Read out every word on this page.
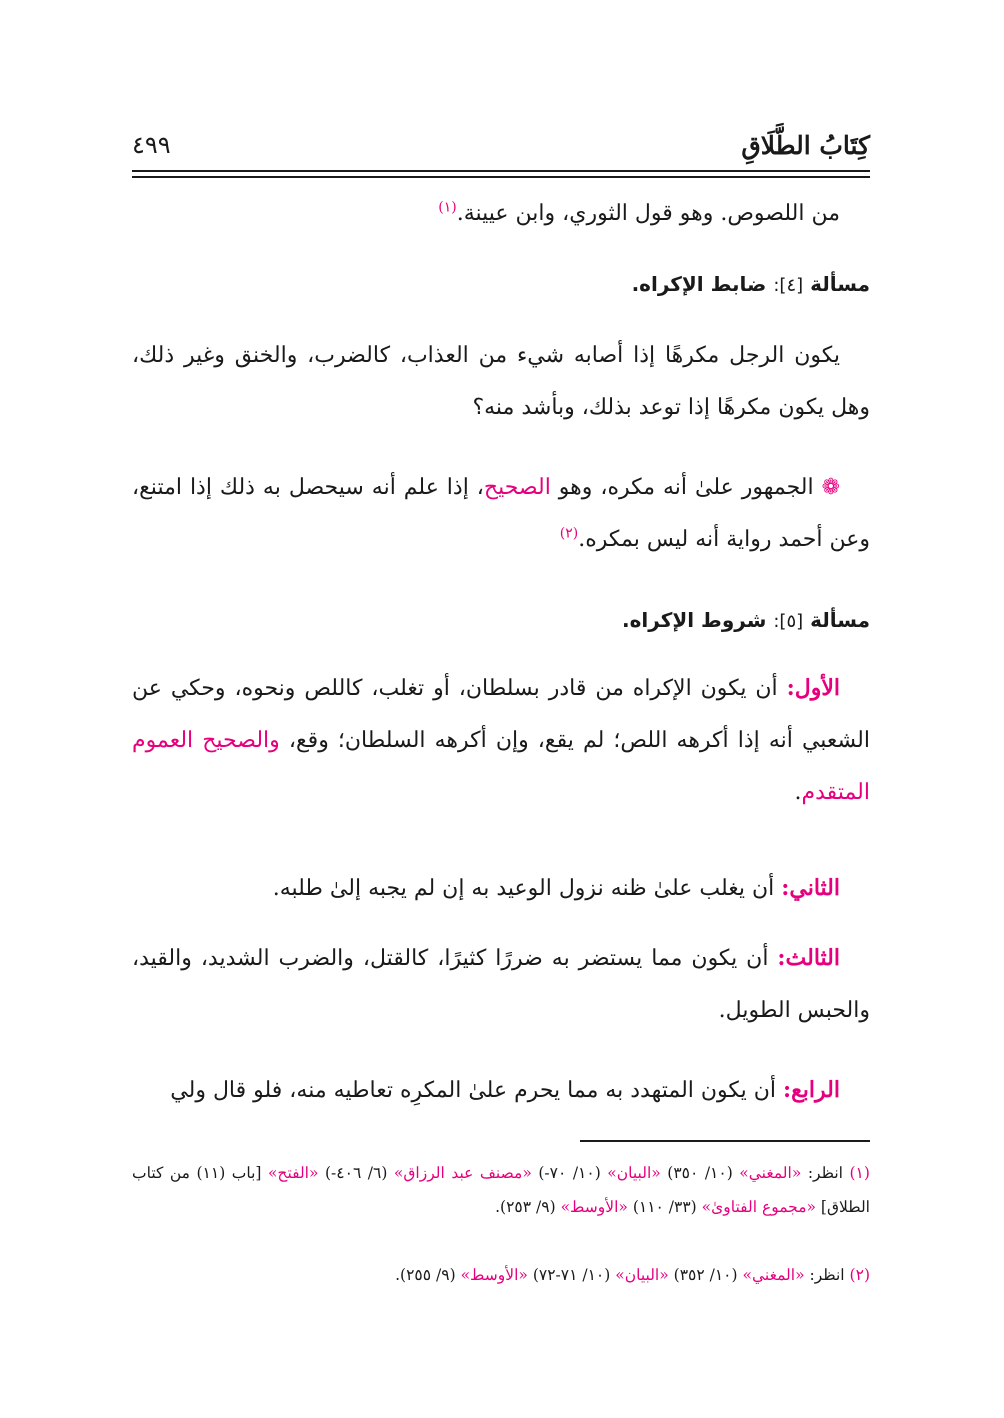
كِتَابُ الطَّلَاقِ
٤٩٩

من اللصوص. وهو قول الثوري، وابن عيينة.$^{(١)}$

مسألة [٤]: ضابط الإكراه.

يكون الرجل مكرهًا إذا أصابه شيء من العذاب، كالضرب، والخنق وغير ذلك، وهل يكون مكرهًا إذا توعد بذلك، وبأشد منه؟

❁ الجمهور علىٰ أنه مكره، وهو الصحيح، إذا علم أنه سيحصل به ذلك إذا امتنع، وعن أحمد رواية أنه ليس بمكره.$^{(٢)}$

مسألة [٥]: شروط الإكراه.

الأول: أن يكون الإكراه من قادر بسلطان، أو تغلب، كاللص ونحوه، وحكي عن الشعبي أنه إذا أكرهه اللص؛ لم يقع، وإن أكرهه السلطان؛ وقع، والصحيح العموم المتقدم.

الثاني: أن يغلب علىٰ ظنه نزول الوعيد به إن لم يجبه إلىٰ طلبه.

الثالث: أن يكون مما يستضر به ضررًا كثيرًا، كالقتل، والضرب الشديد، والقيد، والحبس الطويل.

الرابع: أن يكون المتهدد به مما يحرم علىٰ المكرِه تعاطيه منه، فلو قال ولي

(١) انظر: «المغني» (١٠/ ٣٥٠) «البيان» (١٠/ ٧٠-) «مصنف عبد الرزاق» (٦/ ٤٠٦-) «الفتح» [باب (١١) من كتاب الطلاق] «مجموع الفتاوىٰ» (٣٣/ ١١٠) «الأوسط» (٩/ ٢٥٣).

(٢) انظر: «المغني» (١٠/ ٣٥٢) «البيان» (١٠/ ٧١-٧٢) «الأوسط» (٩/ ٢٥٥).
